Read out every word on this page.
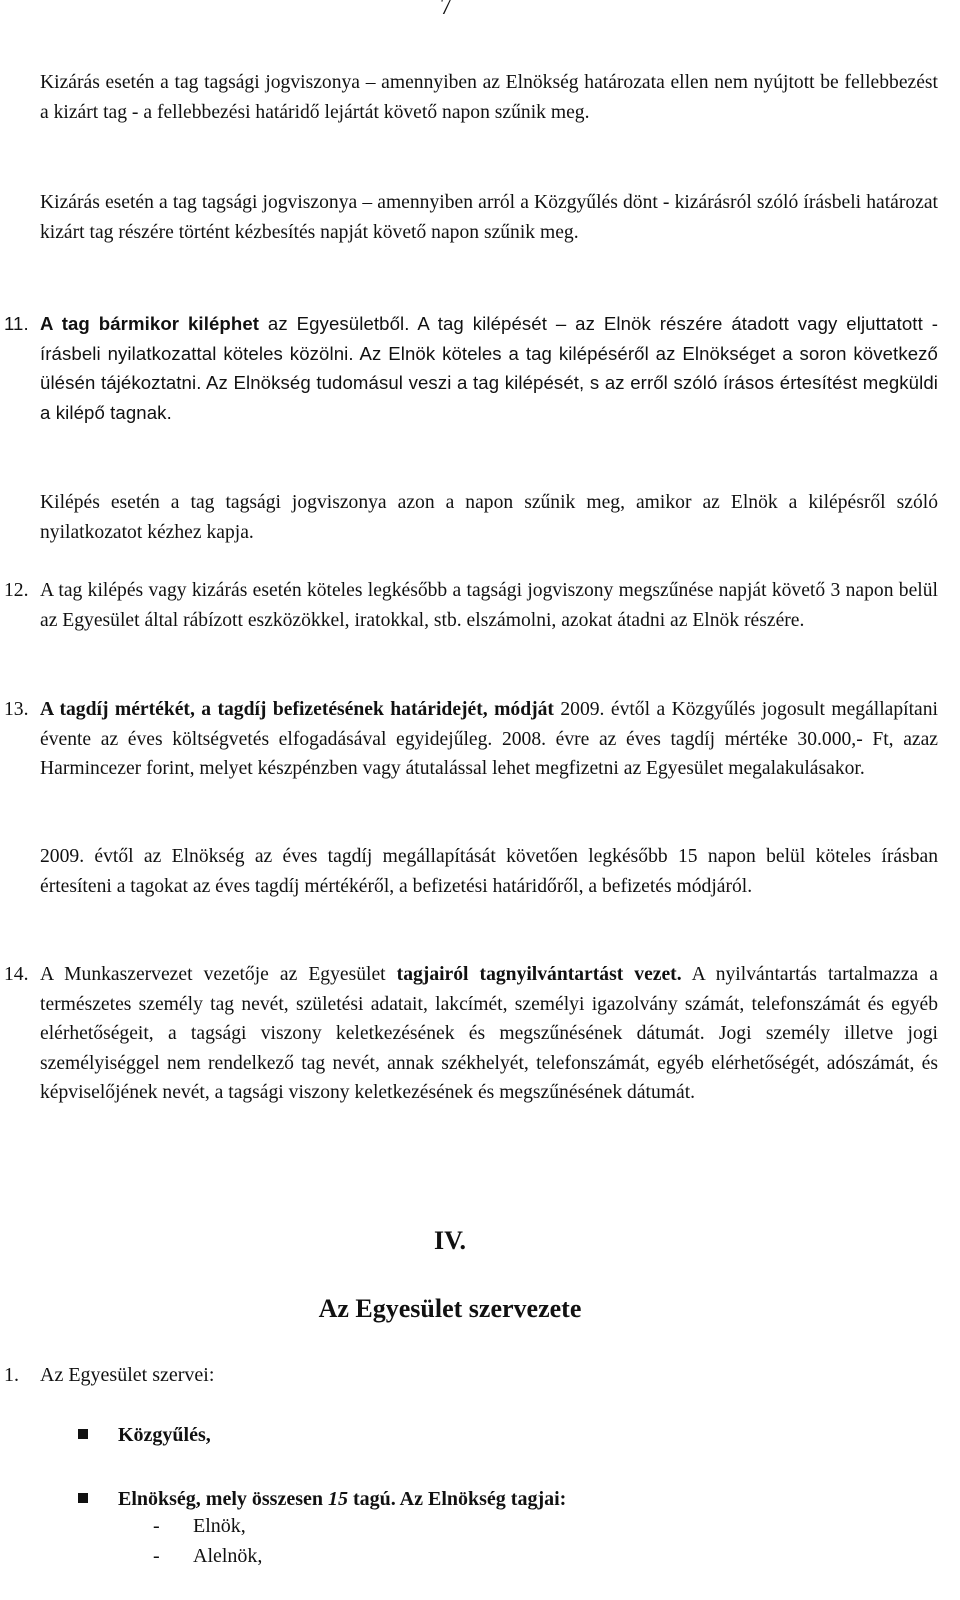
7
Kizárás esetén a tag tagsági jogviszonya – amennyiben az Elnökség határozata ellen nem nyújtott be fellebbezést a kizárt tag - a fellebbezési határidő lejártát követő napon szűnik meg.
Kizárás esetén a tag tagsági jogviszonya – amennyiben arról a Közgyűlés dönt - kizárásról szóló írásbeli határozat kizárt tag részére történt kézbesítés napját követő napon szűnik meg.
11. A tag bármikor kiléphet az Egyesületből. A tag kilépését – az Elnök részére átadott vagy eljuttatott - írásbeli nyilatkozattal köteles közölni. Az Elnök köteles a tag kilépéséről az Elnökséget a soron következő ülésén tájékoztatni. Az Elnökség tudomásul veszi a tag kilépését, s az erről szóló írásos értesítést megküldi a kilépő tagnak.
Kilépés esetén a tag tagsági jogviszonya azon a napon szűnik meg, amikor az Elnök a kilépésről szóló nyilatkozatot kézhez kapja.
12. A tag kilépés vagy kizárás esetén köteles legkésőbb a tagsági jogviszony megszűnése napját követő 3 napon belül az Egyesület által rábízott eszközökkel, iratokkal, stb. elszámolni, azokat átadni az Elnök részére.
13. A tagdíj mértékét, a tagdíj befizetésének határidejét, módját 2009. évtől a Közgyűlés jogosult megállapítani évente az éves költségvetés elfogadásával egyidejűleg. 2008. évre az éves tagdíj mértéke 30.000,- Ft, azaz Harmincezer forint, melyet készpénzben vagy átutalással lehet megfizetni az Egyesület megalakulásakor.
2009. évtől az Elnökség az éves tagdíj megállapítását követően legkésőbb 15 napon belül köteles írásban értesíteni a tagokat az éves tagdíj mértékéről, a befizetési határidőről, a befizetés módjáról.
14. A Munkaszervezet vezetője az Egyesület tagjairól tagnyilvántartást vezet. A nyilvántartás tartalmazza a természetes személy tag nevét, születési adatait, lakcímét, személyi igazolvány számát, telefonszámát és egyéb elérhetőségeit, a tagsági viszony keletkezésének és megszűnésének dátumát. Jogi személy illetve jogi személyiséggel nem rendelkező tag nevét, annak székhelyét, telefonszámát, egyéb elérhetőségét, adószámát, és képviselőjének nevét, a tagsági viszony keletkezésének és megszűnésének dátumát.
IV.
Az Egyesület szervezete
1. Az Egyesület szervei:
Közgyűlés,
Elnökség, mely összesen 15 tagú. Az Elnökség tagjai:
- Elnök,
- Alelnök,
